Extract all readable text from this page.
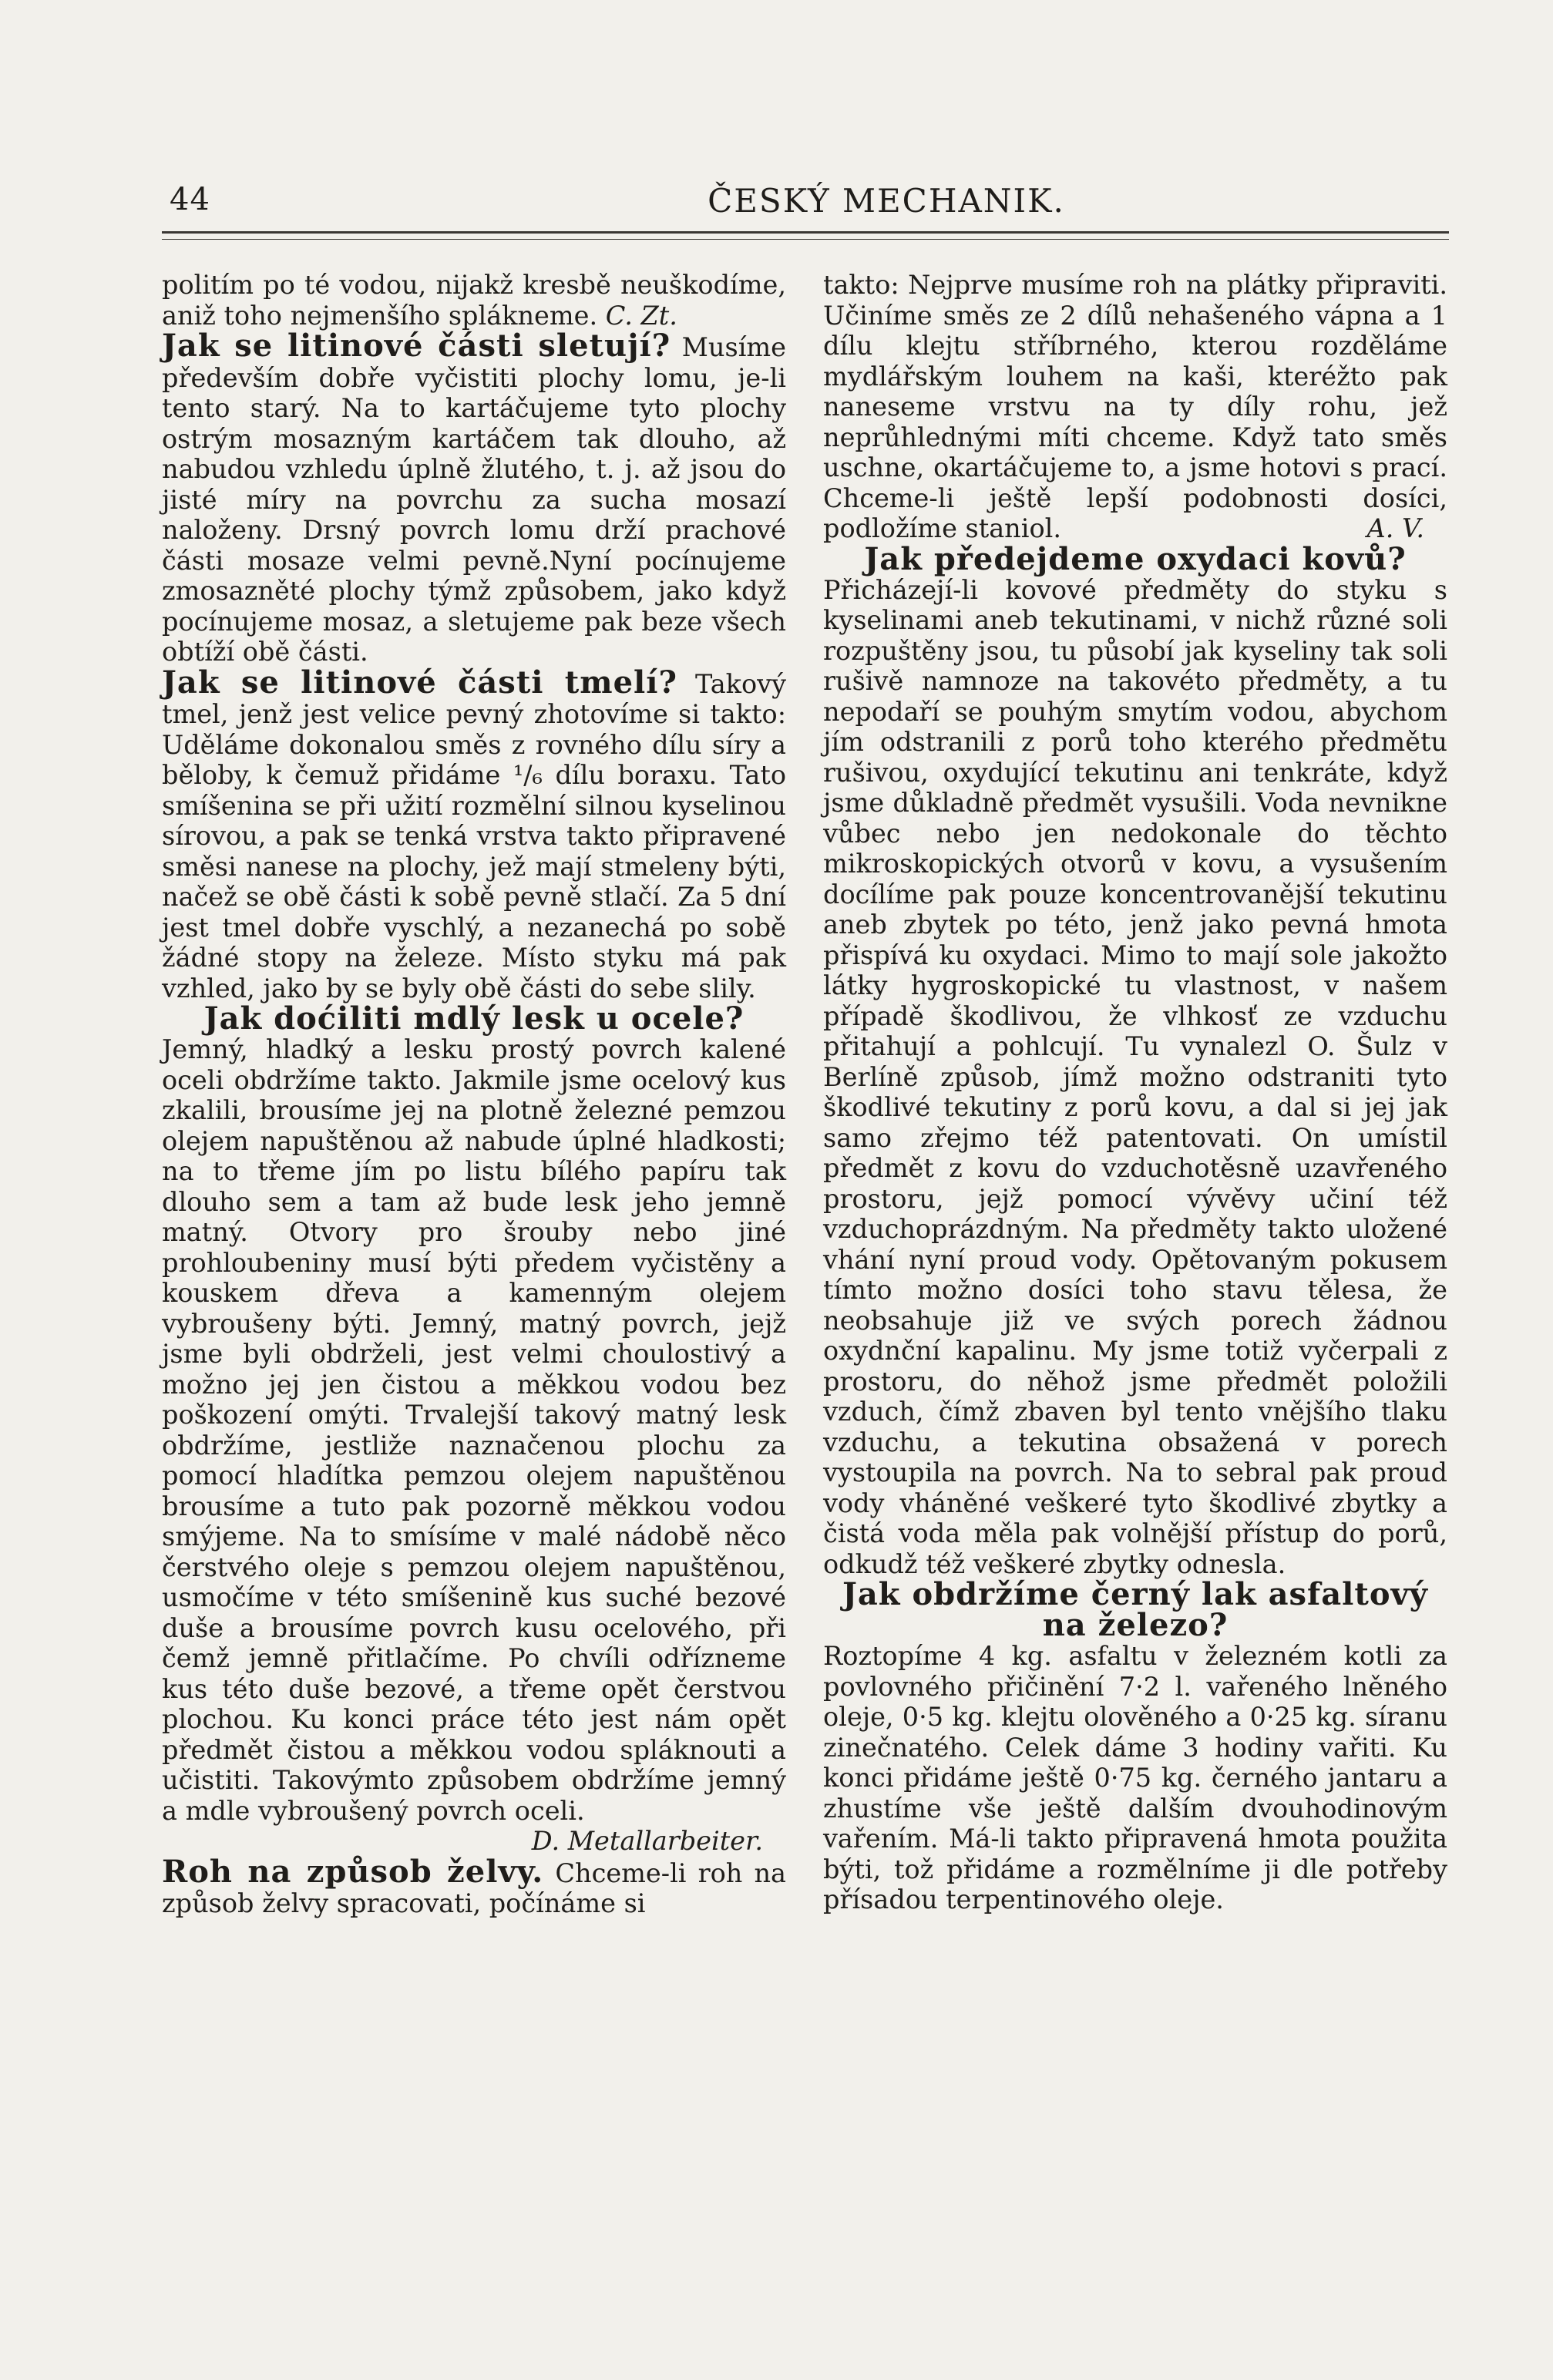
44	ČESKÝ MECHANIK.

politím po té vodou, nijakž kresbě neuškodíme, aniž toho nejmenšího spláknеme. C. Zt.

Jak se litinové části sletují? Musíme především dobře vyčistiti plochy lomu, je-li tento starý. Na to kartáčujeme tyto plochy ostrým mosazným kartáčem tak dlouho, až nabudou vzhledu úplně žlutého, t. j. až jsou do jisté míry na povrchu za sucha mosazí naloženy. Drsný povrch lomu drží prachové části mosaze velmi pevně.Nyní pocínujeme zmosazněté plochy týmž způsobem, jako když pocínujeme mosaz, a sletujeme pak beze všech obtíží obě části.

Jak se litinové části tmelí? Takový tmel, jenž jest velice pevný zhotovíme si takto: Uděláme dokonalou směs z rovného dílu síry a běloby, k čemuž přidáme ¹/₆ dílu boraxu. Tato smíšenina se při užití rozmělní silnou kyselinou sírovou, a pak se tenká vrstva takto připravené směsi nanese na plochy, jež mají stmeleny býti, načež se obě části k sobě pevně stlačí. Za 5 dní jest tmel dobře vyschlý, a nezanechá po sobě žádné stopy na železe. Místo styku má pak vzhled, jako by se byly obě části do sebe slily.

Jak doćiliti mdlý lesk u ocele?

Jemný, hladký a lesku prostý povrch kalené oceli obdržíme takto. Jakmile jsme ocelový kus zkalili, brousíme jej na plotně železné pemzou olejem napuštěnou až nabude úplné hladkosti; na to třeme jím po listu bílého papíru tak dlouho sem a tam až bude lesk jeho jemně matný. Otvory pro šrouby nebo jiné prohloubeniny musí býti předem vyčistěny a kouskem dřeva a kamenným olejem vybroušeny býti. Jemný, matný povrch, jejž jsme byli obdrželi, jest velmi choulostivý a možno jej jen čistou a měkkou vodou bez poškození omýti. Trvalejší takový matný lesk obdržíme, jestliže naznačenou plochu za pomocí hladítka pemzou olejem napuštěnou brousíme a tuto pak pozorně měkkou vodou smýjeme. Na to smísíme v malé nádobě něco čerstvého oleje s pemzou olejem napuštěnou, usmočíme v této smíšenině kus suché bezové duše a brousíme povrch kusu ocelového, při čemž jemně přitlačíme. Po chvíli odřízneme kus této duše bezové, a třeme opět čerstvou plochou. Ku konci práce této jest nám opět předmět čistou a měkkou vodou spláknouti a učistiti. Takovýmto způsobem obdržíme jemný a mdle vybroušený povrch oceli.
D. Metallarbeiter.

Roh na způsob želvy. Chceme-li roh na způsob želvy spracovati, počínáme si

takto: Nejprve musíme roh na plátky připraviti. Učiníme směs ze 2 dílů nehašeného vápna a 1 dílu klejtu stříbrného, kterou rozděláme mydlářským louhem na kaši, kteréžto pak naneseme vrstvu na ty díly rohu, jež neprůhlednými míti chceme. Když tato směs uschne, okartáčujeme to, a jsme hotovi s prací. Chceme-li ještě lepší podobnosti dosíci, podložíme staniol.	A. V.

Jak předejdeme oxydaci kovů?

Přicházejí-li kovové předměty do styku s kyselinami aneb tekutinami, v nichž různé soli rozpuštěny jsou, tu působí jak kyseliny tak soli rušivě namnoze na takovéto předměty, a tu nepodaří se pouhým smytím vodou, abychom jím odstranili z porů toho kterého předmětu rušivou, oxydující tekutinu ani tenkráte, když jsme důkladně předmět vysušili. Voda nevnikne vůbec nebo jen nedokonale do těchto mikroskopických otvorů v kovu, a vysušením docílíme pak pouze koncentrovanější tekutinu aneb zbytek po této, jenž jako pevná hmota přispívá ku oxydaci. Mimo to mají sole jakožto látky hygroskopické tu vlastnost, v našem případě škodlivou, že vlhkosť ze vzduchu přitahují a pohlcují. Tu vynalezl O. Šulz v Berlíně způsob, jímž možno odstraniti tyto škodlivé tekutiny z porů kovu, a dal si jej jak samo zřejmo též patentovati. On umístil předmět z kovu do vzduchotěsně uzavřeného prostoru, jejž pomocí vývěvy učiní též vzduchoprázdným. Na předměty takto uložené vhání nyní proud vody. Opětovaným pokusem tímto možno dosíci toho stavu tělesa, že neobsahuje již ve svých porech žádnou oxydnční kapalinu. My jsme totiž vyčerpali z prostoru, do něhož jsme předmět položili vzduch, čímž zbaven byl tento vnějšího tlaku vzduchu, a tekutina obsažená v porech vystoupila na povrch. Na to sebral pak proud vody vháněné veškeré tyto škodlivé zbytky a čistá voda měla pak volnější přístup do porů, odkudž též veškeré zbytky odnesla.

Jak obdržíme černý lak asfaltový na železo?

Roztopíme 4 kg. asfaltu v železném kotli za povlovného přičinění 7·2 l. vařeného lněného oleje, 0·5 kg. klejtu olověného a 0·25 kg. síranu zinečnatého. Celek dáme 3 hodiny vařiti. Ku konci přidáme ještě 0·75 kg. černého jantaru a zhustíme vše ještě dalším dvouhodinovým vařením. Má-li takto připravená hmota použita býti, tož přidáme a rozmělníme ji dle potřeby přísadou terpentinového oleje.
